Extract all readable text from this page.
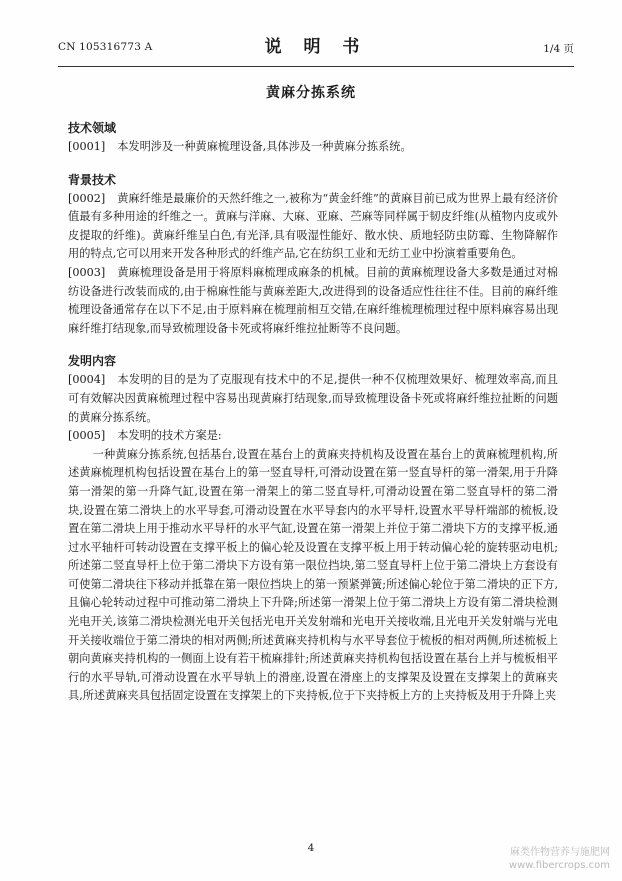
CN 105316773 A	说 明 书	1/4 页
黄麻分拣系统
技术领域

[0001] 本发明涉及一种黄麻梳理设备,具体涉及一种黄麻分拣系统。

背景技术

[0002] 黄麻纤维是最廉价的天然纤维之一,被称为“黄金纤维”的黄麻目前已成为世界上最有经济价值最有多种用途的纤维之一。黄麻与洋麻、大麻、亚麻、苎麻等同样属于韧皮纤维(从植物内皮或外皮提取的纤维)。黄麻纤维呈白色,有光泽,具有吸湿性能好、散水快、质地轻防虫防霉、生物降解作用的特点,它可以用来开发各种形式的纤维产品,它在纺织工业和无纺工业中扮演着重要角色。

[0003] 黄麻梳理设备是用于将原料麻梳理成麻条的机械。目前的黄麻梳理设备大多数是通过对棉纺设备进行改装而成的,由于棉麻性能与黄麻差距大,改进得到的设备适应性往往不佳。目前的麻纤维梳理设备通常存在以下不足,由于原料麻在梳理前相互交错,在麻纤维梳理梳理过程中原料麻容易出现麻纤维打结现象,而导致梳理设备卡死或将麻纤维拉扯断等不良问题。

发明内容

[0004] 本发明的目的是为了克服现有技术中的不足,提供一种不仅梳理效果好、梳理效率高,而且可有效解决因黄麻梳理过程中容易出现黄麻打结现象,而导致梳理设备卡死或将麻纤维拉扯断的问题的黄麻分拣系统。

[0005] 本发明的技术方案是:

一种黄麻分拣系统,包括基台,设置在基台上的黄麻夹持机构及设置在基台上的黄麻梳理机构,所述黄麻梳理机构包括设置在基台上的第一竖直导杆,可滑动设置在第一竖直导杆的第一滑架,用于升降第一滑架的第一升降气缸,设置在第一滑架上的第二竖直导杆,可滑动设置在第二竖直导杆的第二滑块,设置在第二滑块上的水平导套,可滑动设置在水平导套内的水平导杆,设置水平导杆端部的梳板,设置在第二滑块上用于推动水平导杆的水平气缸,设置在第一滑架上并位于第二滑块下方的支撑平板,通过水平轴杆可转动设置在支撑平板上的偏心轮及设置在支撑平板上用于转动偏心轮的旋转驱动电机;所述第二竖直导杆上位于第二滑块下方设有第一限位挡块,第二竖直导杆上位于第二滑块上方套设有可使第二滑块往下移动并抵靠在第一限位挡块上的第一预紧弹簧;所述偏心轮位于第二滑块的正下方,且偏心轮转动过程中可推动第二滑块上下升降;所述第一滑架上位于第二滑块上方设有第二滑块检测光电开关,该第二滑块检测光电开关包括光电开关发射端和光电开关接收端,且光电开关发射端与光电开关接收端位于第二滑块的相对两侧;所述黄麻夹持机构与水平导套位于梳板的相对两侧,所述梳板上朝向黄麻夹持机构的一侧面上设有若干梳麻排针;所述黄麻夹持机构包括设置在基台上并与梳板相平行的水平导轨,可滑动设置在水平导轨上的滑座,设置在滑座上的支撑架及设置在支撑架上的黄麻夹具,所述黄麻夹具包括固定设置在支撑架上的下夹持板,位于下夹持板上方的上夹持板及用于升降上夹

4	麻类作物营养与施肥网
www.fibercrops.com
